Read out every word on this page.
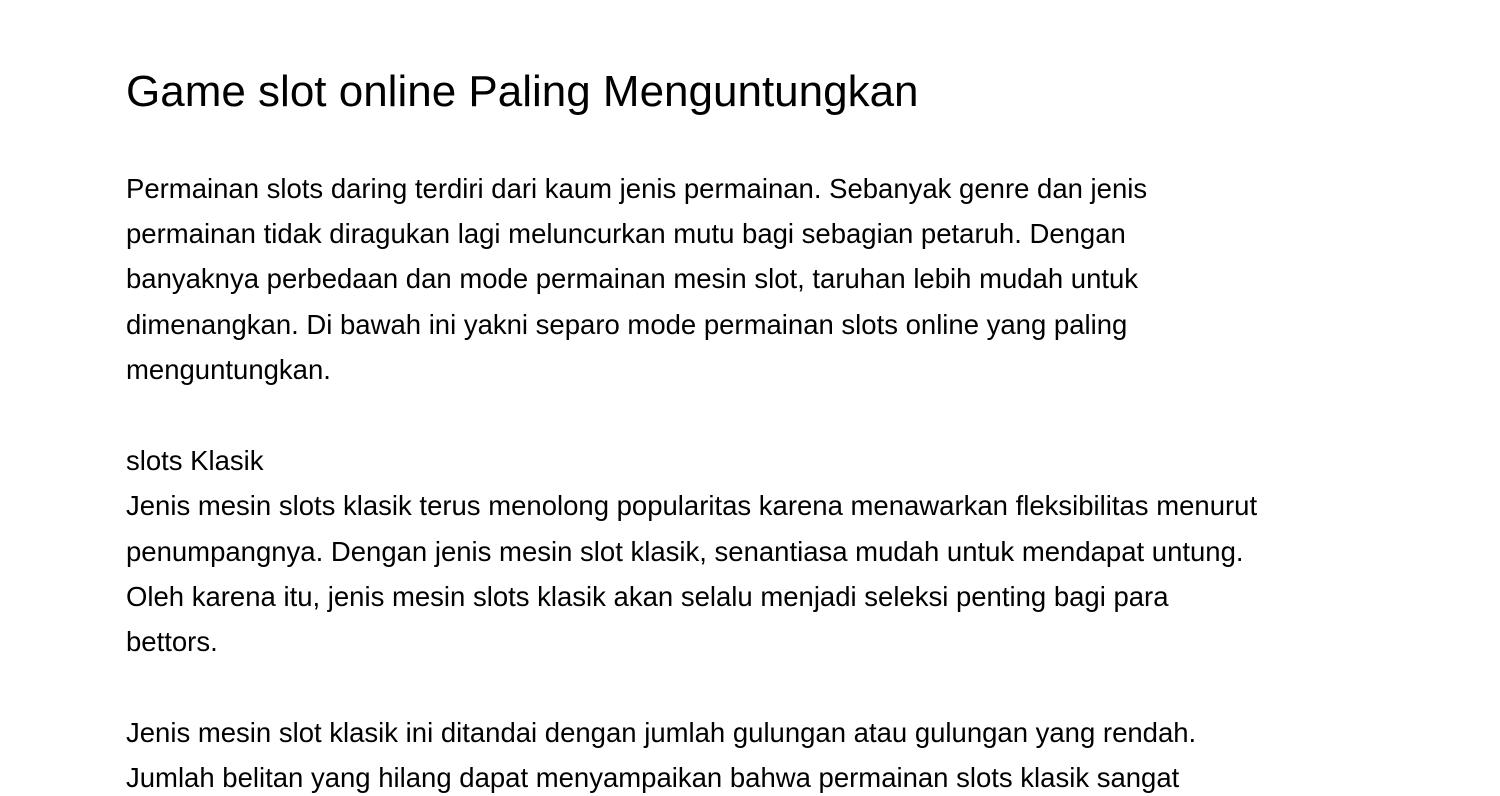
Game slot online Paling Menguntungkan

Permainan slots daring terdiri dari kaum jenis permainan. Sebanyak genre dan jenis

permainan tidak diragukan lagi meluncurkan mutu bagi sebagian petaruh. Dengan

banyaknya perbedaan dan mode permainan mesin slot, taruhan lebih mudah untuk

dimenangkan. Di bawah ini yakni separo mode permainan slots online yang paling

menguntungkan.

slots Klasik

Jenis mesin slots klasik terus menolong popularitas karena menawarkan fleksibilitas menurut

penumpangnya. Dengan jenis mesin slot klasik, senantiasa mudah untuk mendapat untung.

Oleh karena itu, jenis mesin slots klasik akan selalu menjadi seleksi penting bagi para

bettors.

Jenis mesin slot klasik ini ditandai dengan jumlah gulungan atau gulungan yang rendah.

Jumlah belitan yang hilang dapat menyampaikan bahwa permainan slots klasik sangat
